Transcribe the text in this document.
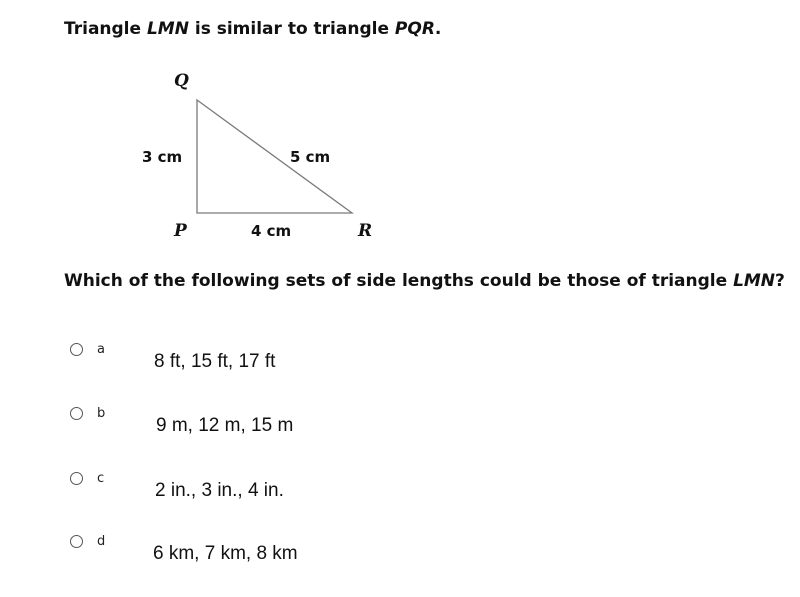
Triangle LMN is similar to triangle PQR.
Q
P	R
3 cm	5 cm
4 cm
Which of the following sets of side lengths could be those of triangle LMN?
a
8 ft, 15 ft, 17 ft
b
9 m, 12 m, 15 m
c
2 in., 3 in., 4 in.
d
6 km, 7 km, 8 km
